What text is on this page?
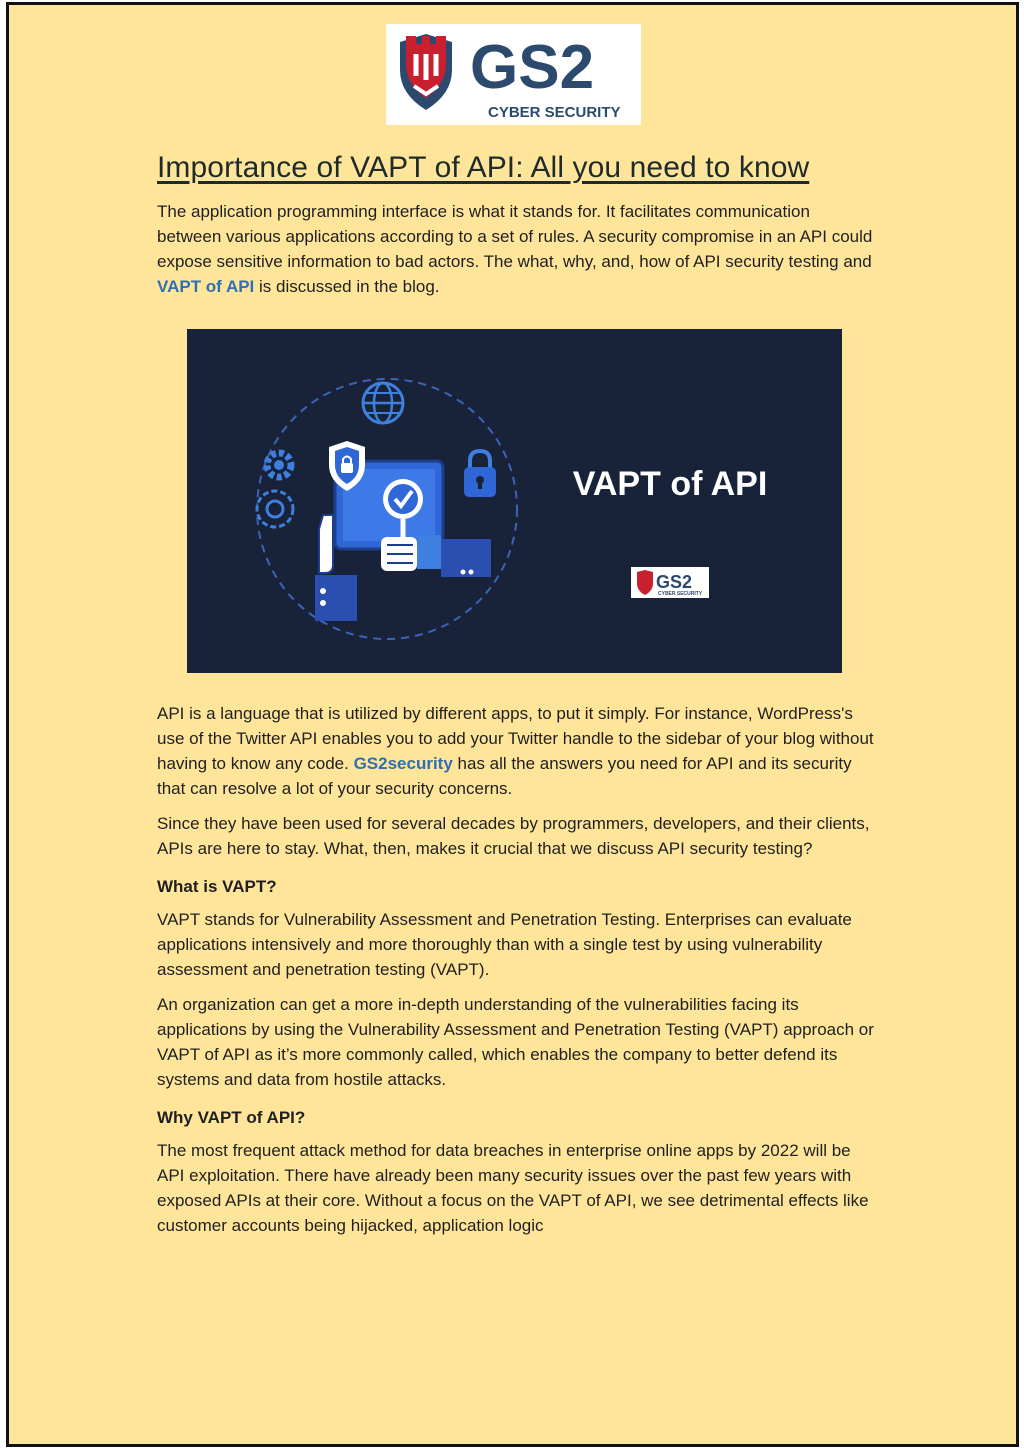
GS2
CYBER SECURITY
Importance of VAPT of API: All you need to know

The application programming interface is what it stands for. It facilitates communication between various applications according to a set of rules. A security compromise in an API could expose sensitive information to bad actors. The what, why, and, how of API security testing and VAPT of API is discussed in the blog.

VAPT of API
GS2
CYBER SECURITY

API is a language that is utilized by different apps, to put it simply. For instance, WordPress's use of the Twitter API enables you to add your Twitter handle to the sidebar of your blog without having to know any code. GS2security has all the answers you need for API and its security that can resolve a lot of your security concerns.

Since they have been used for several decades by programmers, developers, and their clients, APIs are here to stay. What, then, makes it crucial that we discuss API security testing?

What is VAPT?

VAPT stands for Vulnerability Assessment and Penetration Testing. Enterprises can evaluate applications intensively and more thoroughly than with a single test by using vulnerability assessment and penetration testing (VAPT).

An organization can get a more in-depth understanding of the vulnerabilities facing its applications by using the Vulnerability Assessment and Penetration Testing (VAPT) approach or VAPT of API as it’s more commonly called, which enables the company to better defend its systems and data from hostile attacks.

Why VAPT of API?

The most frequent attack method for data breaches in enterprise online apps by 2022 will be API exploitation. There have already been many security issues over the past few years with exposed APIs at their core. Without a focus on the VAPT of API, we see detrimental effects like customer accounts being hijacked, application logic
